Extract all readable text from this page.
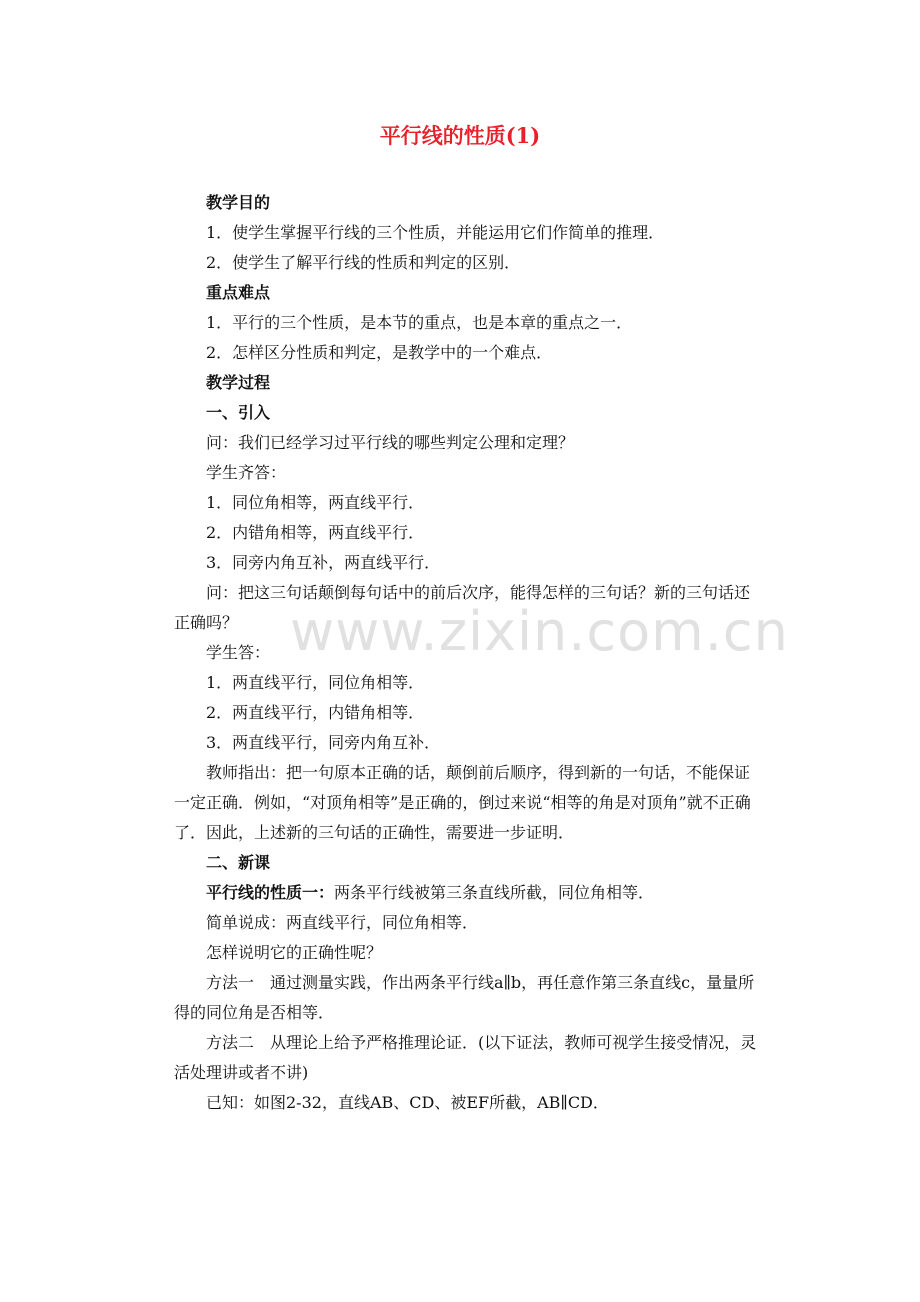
平行线的性质(1)

教学目的

1．使学生掌握平行线的三个性质，并能运用它们作简单的推理．

2．使学生了解平行线的性质和判定的区别．

重点难点

1．平行的三个性质，是本节的重点，也是本章的重点之一．

2．怎样区分性质和判定，是教学中的一个难点．

教学过程

一、引入

问：我们已经学习过平行线的哪些判定公理和定理？

学生齐答：

1．同位角相等，两直线平行．

2．内错角相等，两直线平行．

3．同旁内角互补，两直线平行．

问：把这三句话颠倒每句话中的前后次序，能得怎样的三句话？新的三句话还正确吗？

学生答：

1．两直线平行，同位角相等．

2．两直线平行，内错角相等．

3．两直线平行，同旁内角互补．

教师指出：把一句原本正确的话，颠倒前后顺序，得到新的一句话，不能保证一定正确．例如，“对顶角相等”是正确的，倒过来说“相等的角是对顶角”就不正确了．因此，上述新的三句话的正确性，需要进一步证明．

二、新课

平行线的性质一：两条平行线被第三条直线所截，同位角相等．

简单说成：两直线平行，同位角相等．

怎样说明它的正确性呢？

方法一　通过测量实践，作出两条平行线a∥b，再任意作第三条直线c，量量所得的同位角是否相等．

方法二　从理论上给予严格推理论证．(以下证法，教师可视学生接受情况，灵活处理讲或者不讲)

已知：如图2-32，直线AB、CD、被EF所截，AB∥CD．

www.zixin.com.cn
